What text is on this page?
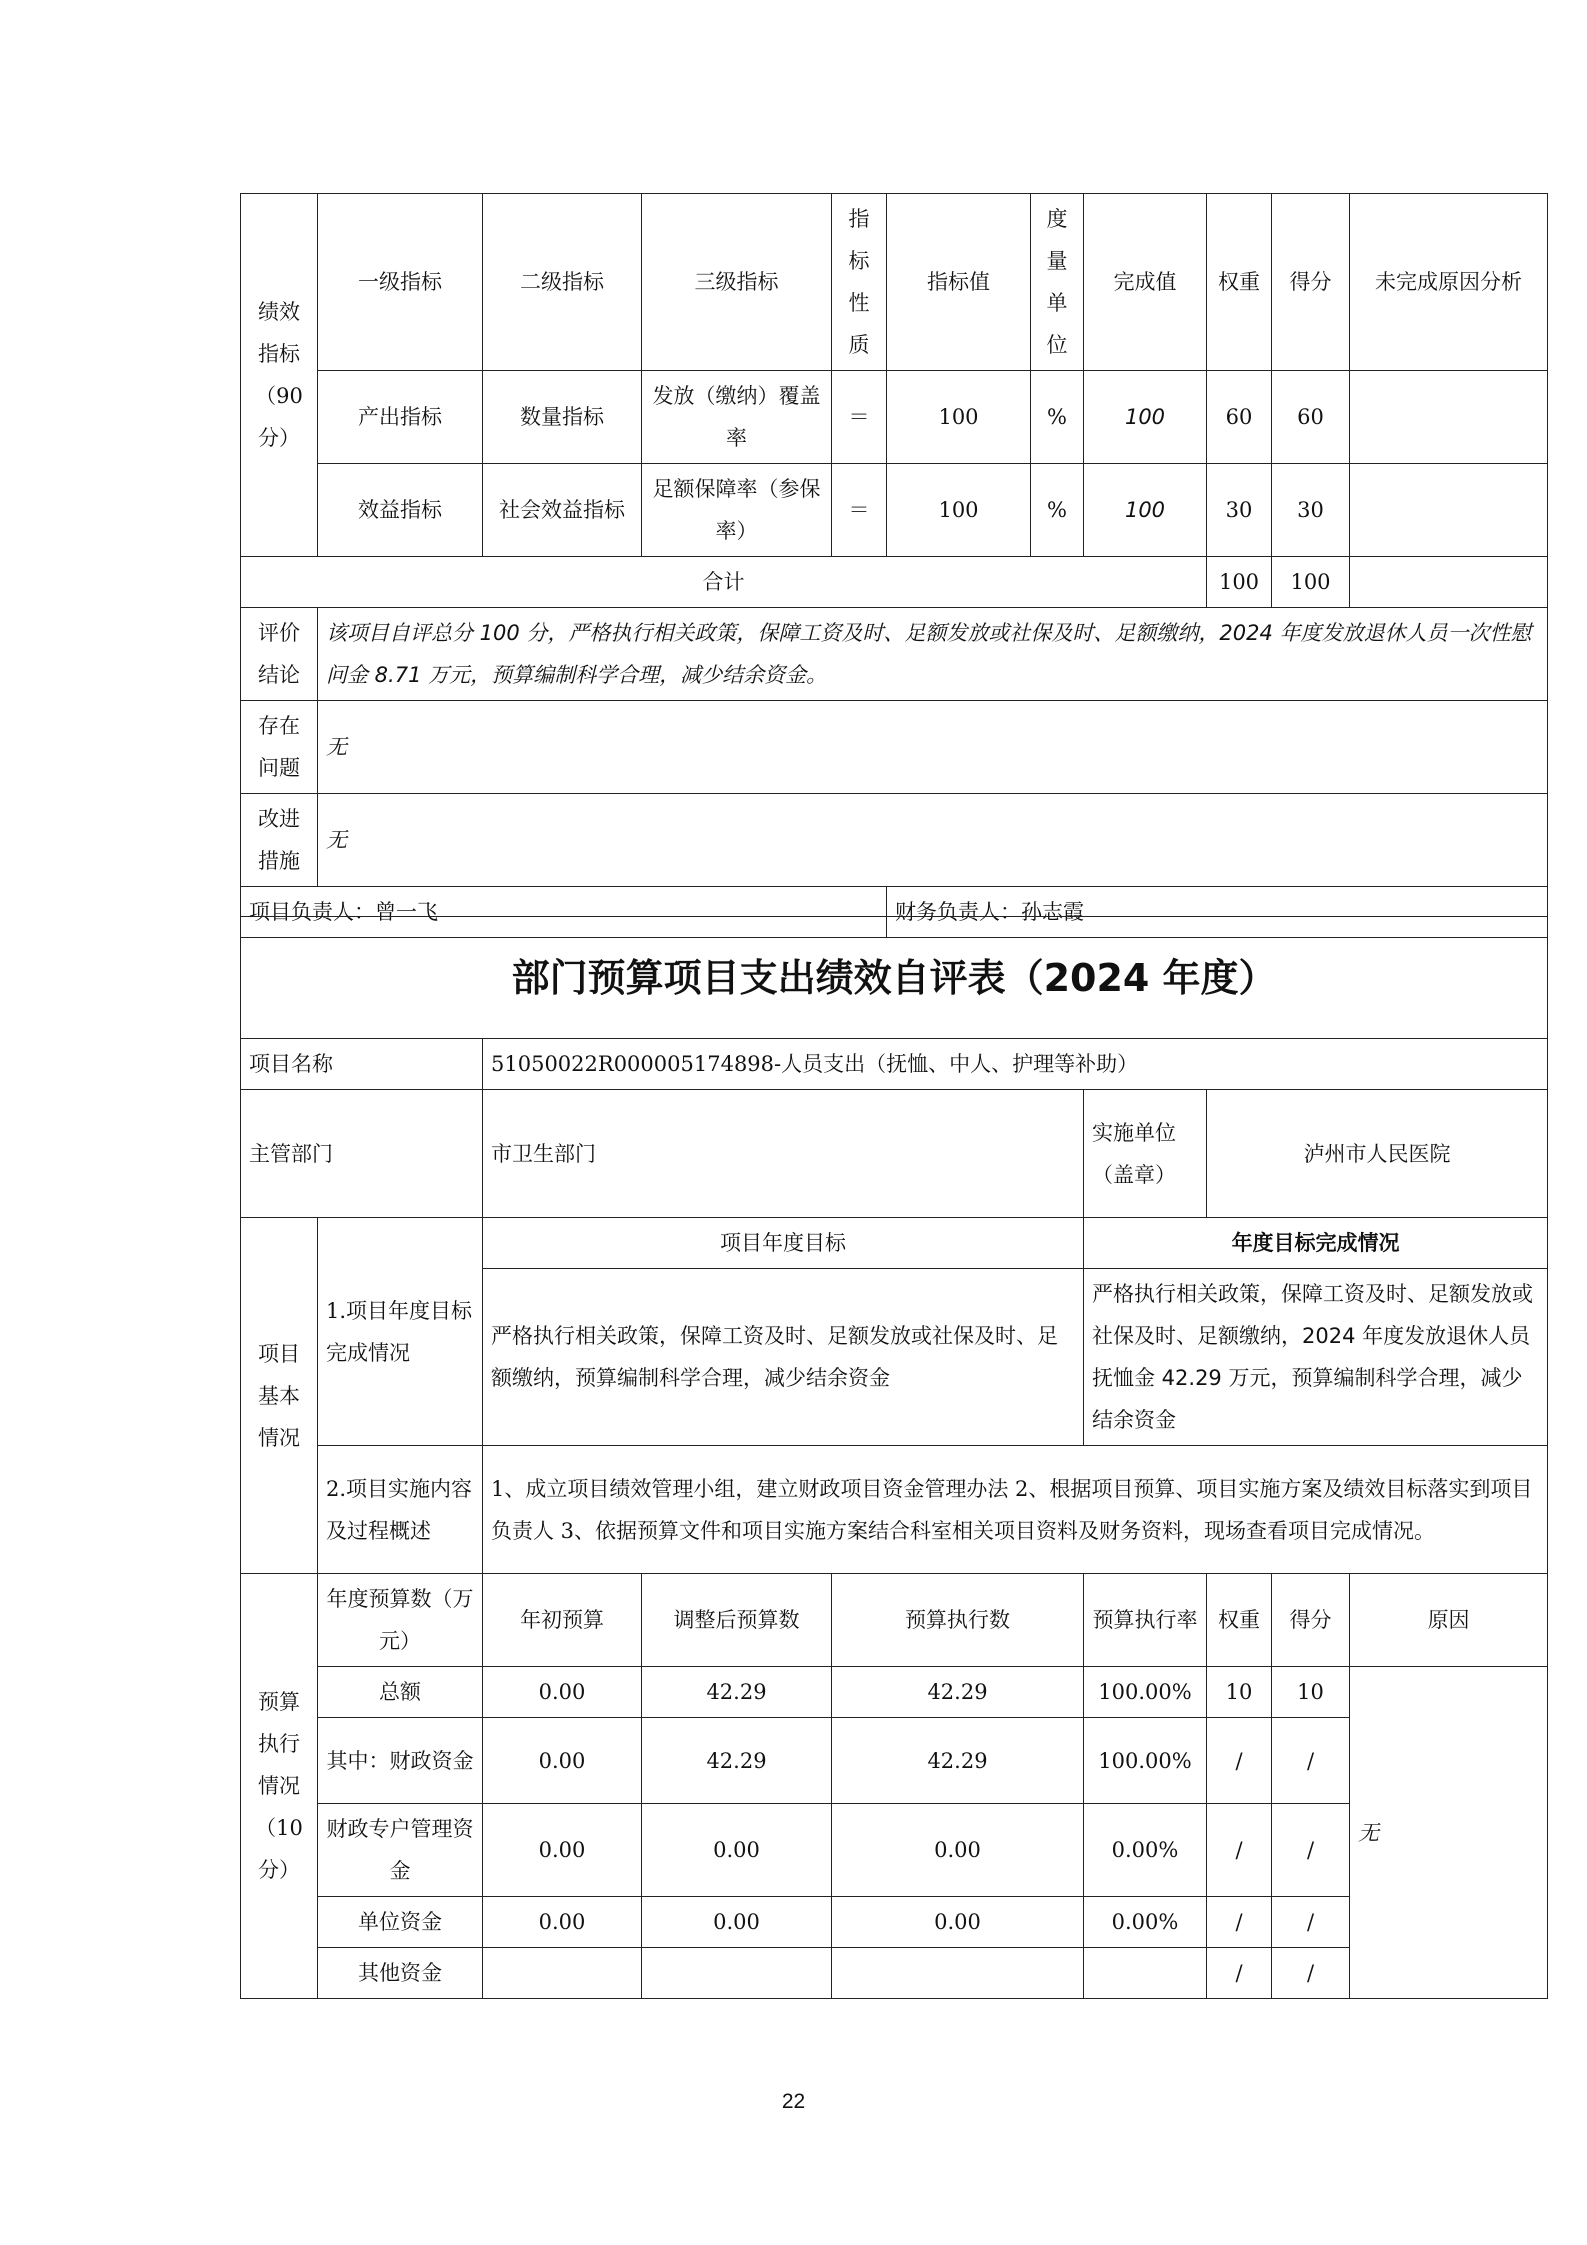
绩效指标（90分）	一级指标	二级指标	三级指标	指标性质	指标值	度量单位	完成值	权重	得分	未完成原因分析
	产出指标	数量指标	发放（缴纳）覆盖率	＝	100	%	100	60	60	
	效益指标	社会效益指标	足额保障率（参保率）	＝	100	%	100	30	30	
合计								100	100	
评价结论	该项目自评总分 100 分，严格执行相关政策，保障工资及时、足额发放或社保及时、足额缴纳，2024 年度发放退休人员一次性慰问金 8.71 万元，预算编制科学合理，减少结余资金。									
存在问题	无									
改进措施	无									
项目负责人：曾一飞					财务负责人：孙志霞					
部门预算项目支出绩效自评表（2024 年度）								
项目名称		51050022R000005174898-人员支出（抚恤、中人、护理等补助）						
主管部门		市卫生部门			实施单位（盖章）	泸州市人民医院		
项目基本情况	1.项目年度目标完成情况	项目年度目标			年度目标完成情况			
		严格执行相关政策，保障工资及时、足额发放或社保及时、足额缴纳，预算编制科学合理，减少结余资金			严格执行相关政策，保障工资及时、足额发放或社保及时、足额缴纳，2024 年度发放退休人员抚恤金 42.29 万元，预算编制科学合理，减少结余资金			
	2.项目实施内容及过程概述	1、成立项目绩效管理小组，建立财政项目资金管理办法 2、根据项目预算、项目实施方案及绩效目标落实到项目负责人 3、依据预算文件和项目实施方案结合科室相关项目资料及财务资料，现场查看项目完成情况。						
预算执行情况（10分）	年度预算数（万元）	年初预算	调整后预算数	预算执行数	预算执行率	权重	得分	原因
	总额	0.00	42.29	42.29	100.00%	10	10	无
	其中：财政资金	0.00	42.29	42.29	100.00%	/	/	
	财政专户管理资金	0.00	0.00	0.00	0.00%	/	/	
	单位资金	0.00	0.00	0.00	0.00%	/	/	
	其他资金					/	/	
22
